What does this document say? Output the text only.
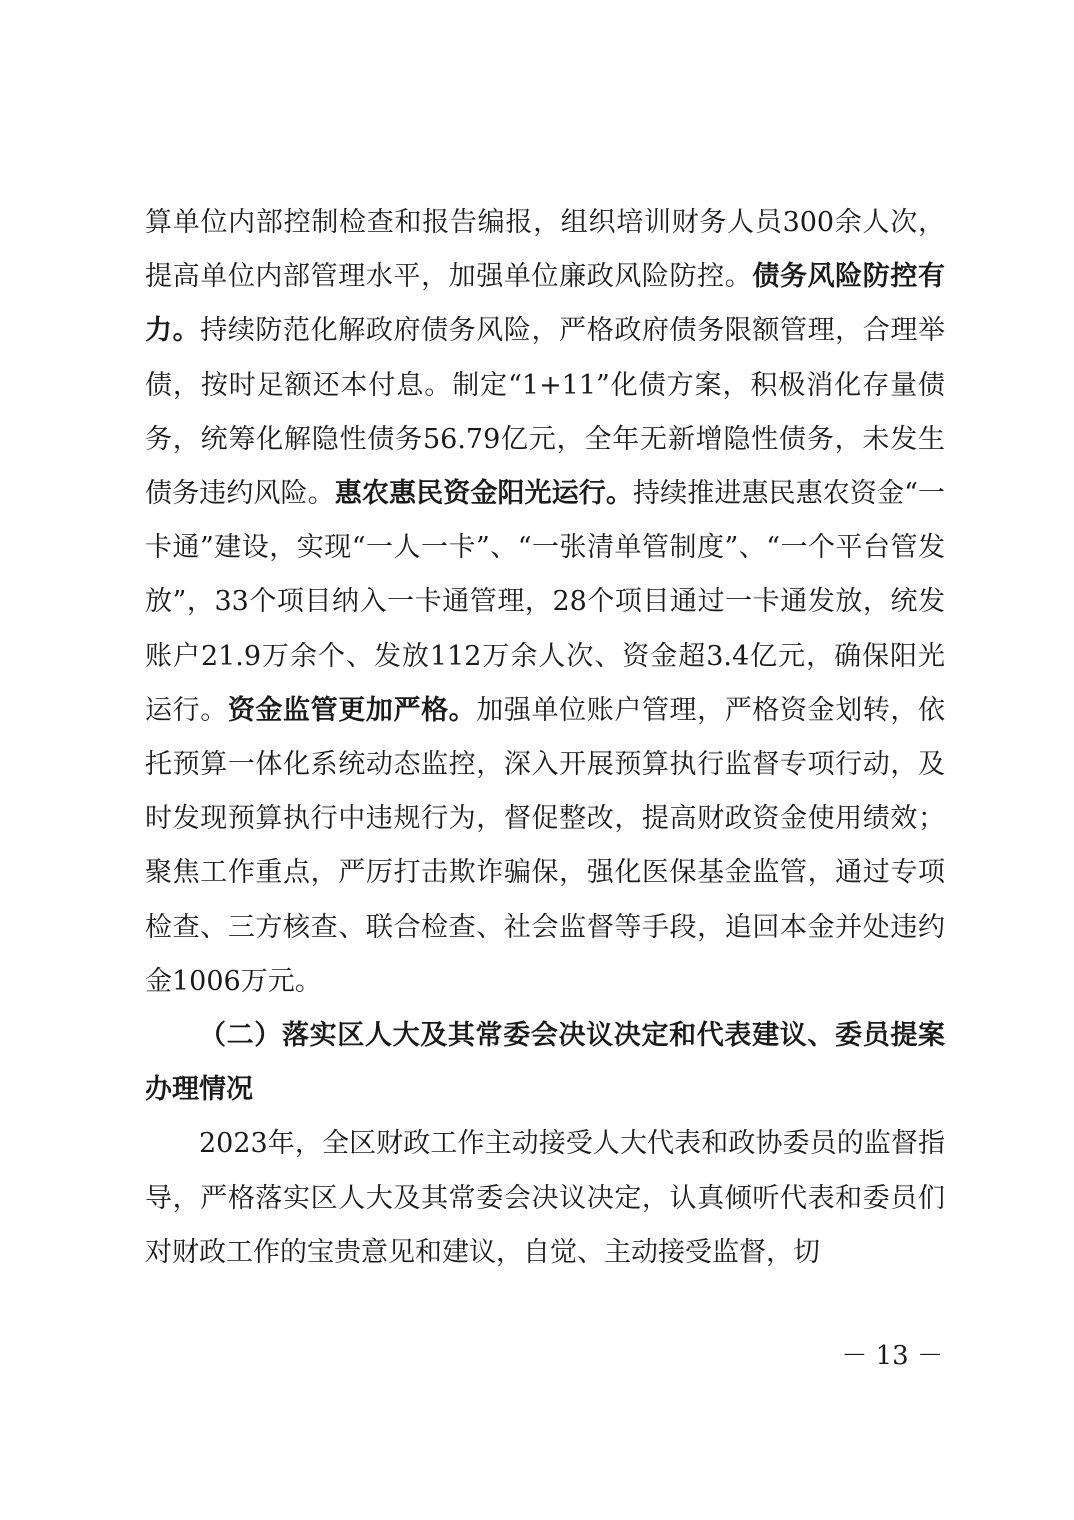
算单位内部控制检查和报告编报，组织培训财务人员300余人次，提高单位内部管理水平，加强单位廉政风险防控。债务风险防控有力。持续防范化解政府债务风险，严格政府债务限额管理，合理举债，按时足额还本付息。制定“1+11”化债方案，积极消化存量债务，统筹化解隐性债务56.79亿元，全年无新增隐性债务，未发生债务违约风险。惠农惠民资金阳光运行。持续推进惠民惠农资金“一卡通”建设，实现“一人一卡”、“一张清单管制度”、“一个平台管发放”，33个项目纳入一卡通管理，28个项目通过一卡通发放，统发账户21.9万余个、发放112万余人次、资金超3.4亿元，确保阳光运行。资金监管更加严格。加强单位账户管理，严格资金划转，依托预算一体化系统动态监控，深入开展预算执行监督专项行动，及时发现预算执行中违规行为，督促整改，提高财政资金使用绩效；聚焦工作重点，严厉打击欺诈骗保，强化医保基金监管，通过专项检查、三方核查、联合检查、社会监督等手段，追回本金并处违约金1006万元。

（二）落实区人大及其常委会决议决定和代表建议、委员提案办理情况

2023年，全区财政工作主动接受人大代表和政协委员的监督指导，严格落实区人大及其常委会决议决定，认真倾听代表和委员们对财政工作的宝贵意见和建议，自觉、主动接受监督，切

－ 13 －
